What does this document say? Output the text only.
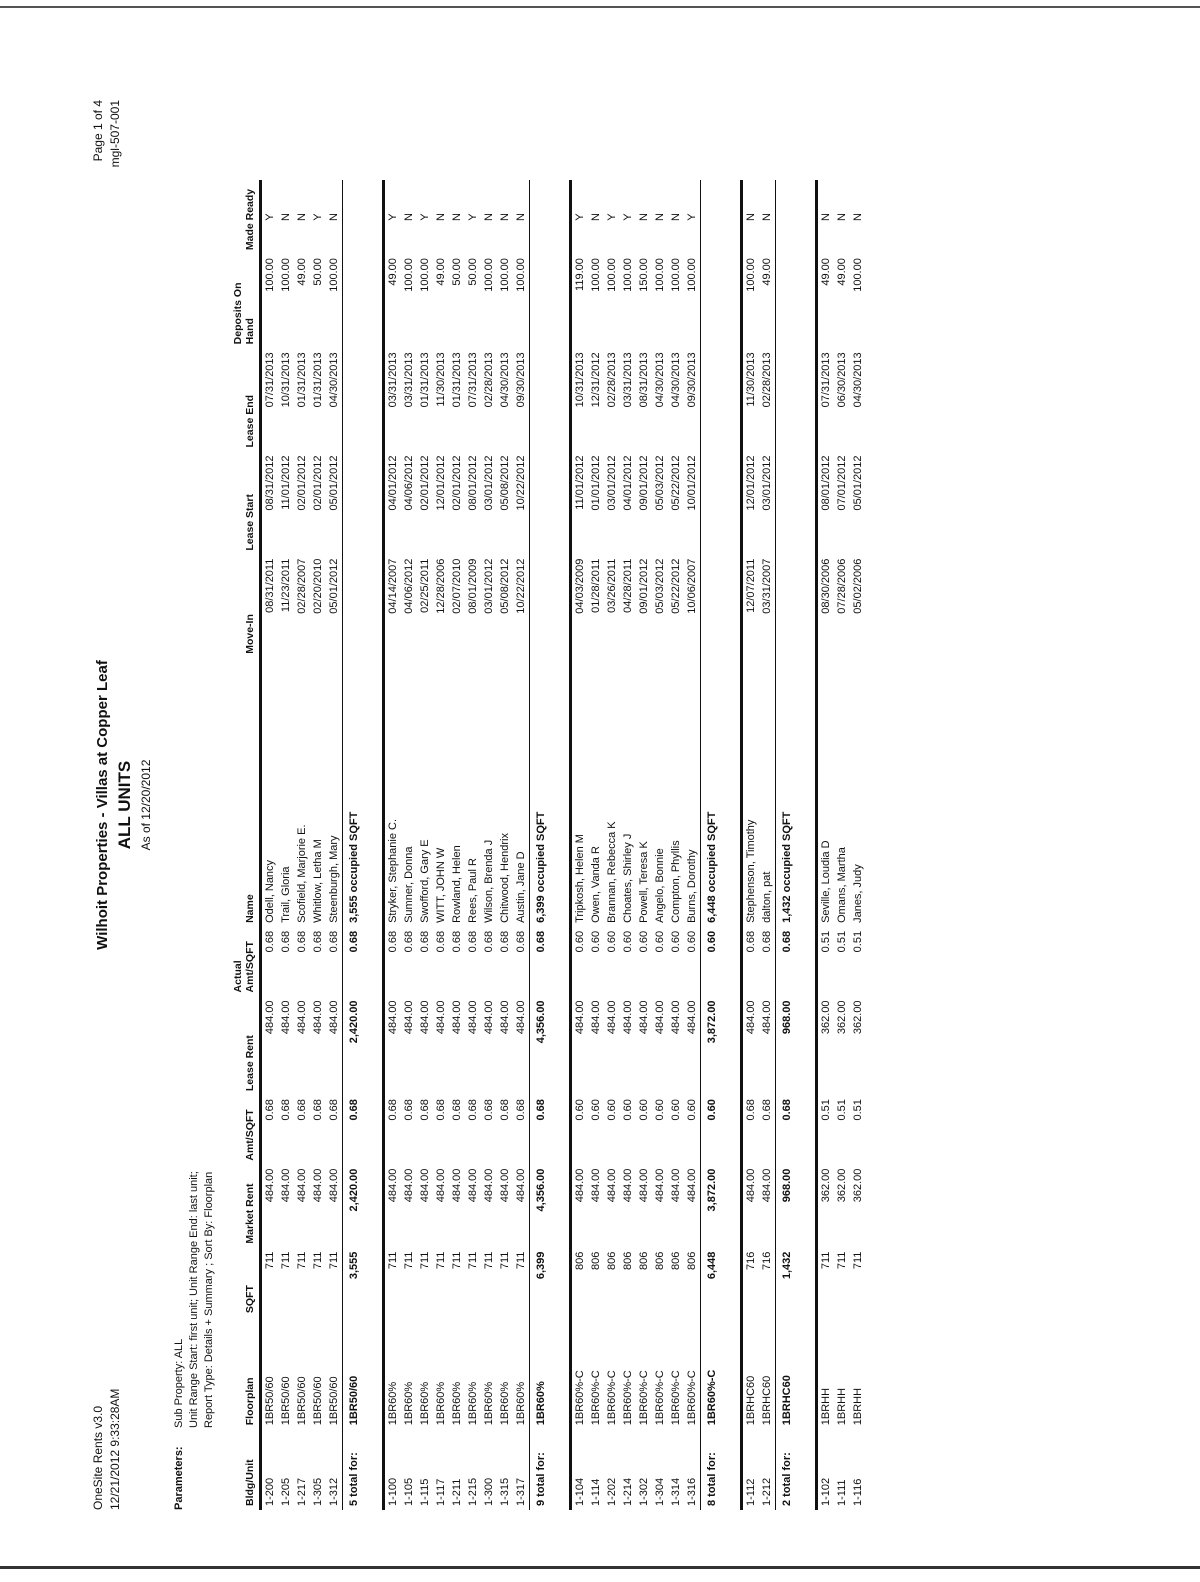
OneSite Rents v3.0 12/21/2012 9:33:28AM
Wilhoit Properties - Villas at Copper Leaf ALL UNITS As of 12/20/2012
Page 1 of 4 mgl-507-001
Parameters:
Sub Property: ALL Unit Range Start: first unit; Unit Range End: last unit; Report Type: Details + Summary ; Sort By: Floorplan
Bldg/Unit	Floorplan	SQFT	Market Rent	Amt/SQFT	Lease Rent	Actual Amt/SQFT	Name	Move-In	Lease Start	Lease End	Deposits On Hand	Made Ready
1-200	1BR50/60	711	484.00	0.68	484.00	0.68	Odell, Nancy	08/31/2011	08/31/2012	07/31/2013	100.00	Y
1-205	1BR50/60	711	484.00	0.68	484.00	0.68	Trail, Gloria	11/23/2011	11/01/2012	10/31/2013	100.00	N
1-217	1BR50/60	711	484.00	0.68	484.00	0.68	Scofield, Marjorie E.	02/28/2007	02/01/2012	01/31/2013	49.00	N
1-305	1BR50/60	711	484.00	0.68	484.00	0.68	Whitlow, Letha M	02/20/2010	02/01/2012	01/31/2013	50.00	Y
1-312	1BR50/60	711	484.00	0.68	484.00	0.68	Steenburgh, Mary	05/01/2012	05/01/2012	04/30/2013	100.00	N
5 total for:	1BR50/60	3,555	2,420.00	0.68	2,420.00	0.68	3,555 occupied SQFT					

1-100	1BR60%	711	484.00	0.68	484.00	0.68	Stryker, Stephanie C.	04/14/2007	04/01/2012	03/31/2013	49.00	Y
1-105	1BR60%	711	484.00	0.68	484.00	0.68	Sumner, Donna	04/06/2012	04/06/2012	03/31/2013	100.00	N
1-115	1BR60%	711	484.00	0.68	484.00	0.68	Swofford, Gary E	02/25/2011	02/01/2012	01/31/2013	100.00	Y
1-117	1BR60%	711	484.00	0.68	484.00	0.68	WITT, JOHN W	12/28/2006	12/01/2012	11/30/2013	49.00	N
1-211	1BR60%	711	484.00	0.68	484.00	0.68	Rowland, Helen	02/07/2010	02/01/2012	01/31/2013	50.00	N
1-215	1BR60%	711	484.00	0.68	484.00	0.68	Rees, Paul R	08/01/2009	08/01/2012	07/31/2013	50.00	Y
1-300	1BR60%	711	484.00	0.68	484.00	0.68	Wilson, Brenda J	03/01/2012	03/01/2012	02/28/2013	100.00	N
1-315	1BR60%	711	484.00	0.68	484.00	0.68	Chitwood, Hendrix	05/08/2012	05/08/2012	04/30/2013	100.00	N
1-317	1BR60%	711	484.00	0.68	484.00	0.68	Austin, Jane D	10/22/2012	10/22/2012	09/30/2013	100.00	N
9 total for:	1BR60%	6,399	4,356.00	0.68	4,356.00	0.68	6,399 occupied SQFT					

1-104	1BR60%-C	806	484.00	0.60	484.00	0.60	Tripkosh, Helen M	04/03/2009	11/01/2012	10/31/2013	119.00	Y
1-114	1BR60%-C	806	484.00	0.60	484.00	0.60	Owen, Vanda R	01/28/2011	01/01/2012	12/31/2012	100.00	N
1-202	1BR60%-C	806	484.00	0.60	484.00	0.60	Brannan, Rebecca K	03/26/2011	03/01/2012	02/28/2013	100.00	Y
1-214	1BR60%-C	806	484.00	0.60	484.00	0.60	Choates, Shirley J	04/28/2011	04/01/2012	03/31/2013	100.00	Y
1-302	1BR60%-C	806	484.00	0.60	484.00	0.60	Powell, Teresa K	09/01/2012	09/01/2012	08/31/2013	150.00	N
1-304	1BR60%-C	806	484.00	0.60	484.00	0.60	Angelo, Bonnie	05/03/2012	05/03/2012	04/30/2013	100.00	N
1-314	1BR60%-C	806	484.00	0.60	484.00	0.60	Compton, Phyllis	05/22/2012	05/22/2012	04/30/2013	100.00	N
1-316	1BR60%-C	806	484.00	0.60	484.00	0.60	Burns, Dorothy	10/06/2007	10/01/2012	09/30/2013	100.00	Y
8 total for:	1BR60%-C	6,448	3,872.00	0.60	3,872.00	0.60	6,448 occupied SQFT					

1-112	1BRHC60	716	484.00	0.68	484.00	0.68	Stephenson, Timothy	12/07/2011	12/01/2012	11/30/2013	100.00	N
1-212	1BRHC60	716	484.00	0.68	484.00	0.68	dalton, pat	03/31/2007	03/01/2012	02/28/2013	49.00	N
2 total for:	1BRHC60	1,432	968.00	0.68	968.00	0.68	1,432 occupied SQFT					

1-102	1BRHH	711	362.00	0.51	362.00	0.51	Seville, Loudia D	08/30/2006	08/01/2012	07/31/2013	49.00	N
1-111	1BRHH	711	362.00	0.51	362.00	0.51	Omans, Martha	07/28/2006	07/01/2012	06/30/2013	49.00	N
1-116	1BRHH	711	362.00	0.51	362.00	0.51	Janes, Judy	05/02/2006	05/01/2012	04/30/2013	100.00	N
